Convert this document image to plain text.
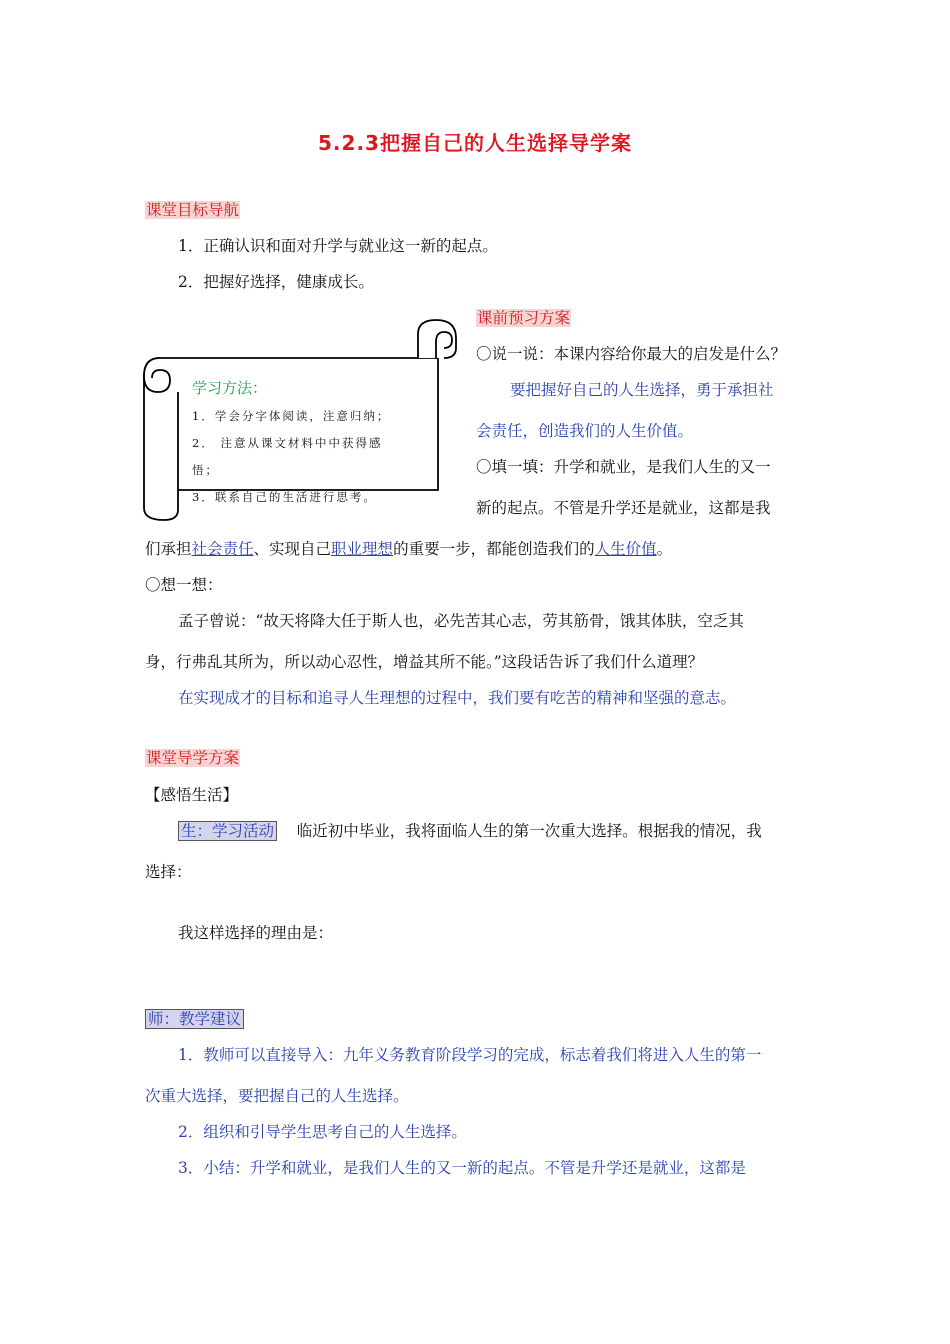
5.2.3把握自己的人生选择导学案
课堂目标导航
1．正确认识和面对升学与就业这一新的起点。
2．把握好选择，健康成长。
学习方法：
1．学会分字体阅读，注意归纳；
2． 注意从课文材料中中获得感
悟；
3．联系自己的生活进行思考。
课前预习方案
〇说一说：本课内容给你最大的启发是什么？
要把握好自己的人生选择，勇于承担社
会责任，创造我们的人生价值。
〇填一填：升学和就业，是我们人生的又一
新的起点。不管是升学还是就业，这都是我
们承担社会责任、实现自己职业理想的重要一步，都能创造我们的人生价值。
〇想一想：
孟子曾说：“故天将降大任于斯人也，必先苦其心志，劳其筋骨，饿其体肤，空乏其
身，行弗乱其所为，所以动心忍性，增益其所不能。”这段话告诉了我们什么道理？
在实现成才的目标和追寻人生理想的过程中，我们要有吃苦的精神和坚强的意志。
课堂导学方案
【感悟生活】
生：学习活动 临近初中毕业，我将面临人生的第一次重大选择。根据我的情况，我
选择：
我这样选择的理由是：
师：教学建议
1．教师可以直接导入：九年义务教育阶段学习的完成，标志着我们将进入人生的第一
次重大选择，要把握自己的人生选择。
2．组织和引导学生思考自己的人生选择。
3．小结：升学和就业，是我们人生的又一新的起点。不管是升学还是就业，这都是
